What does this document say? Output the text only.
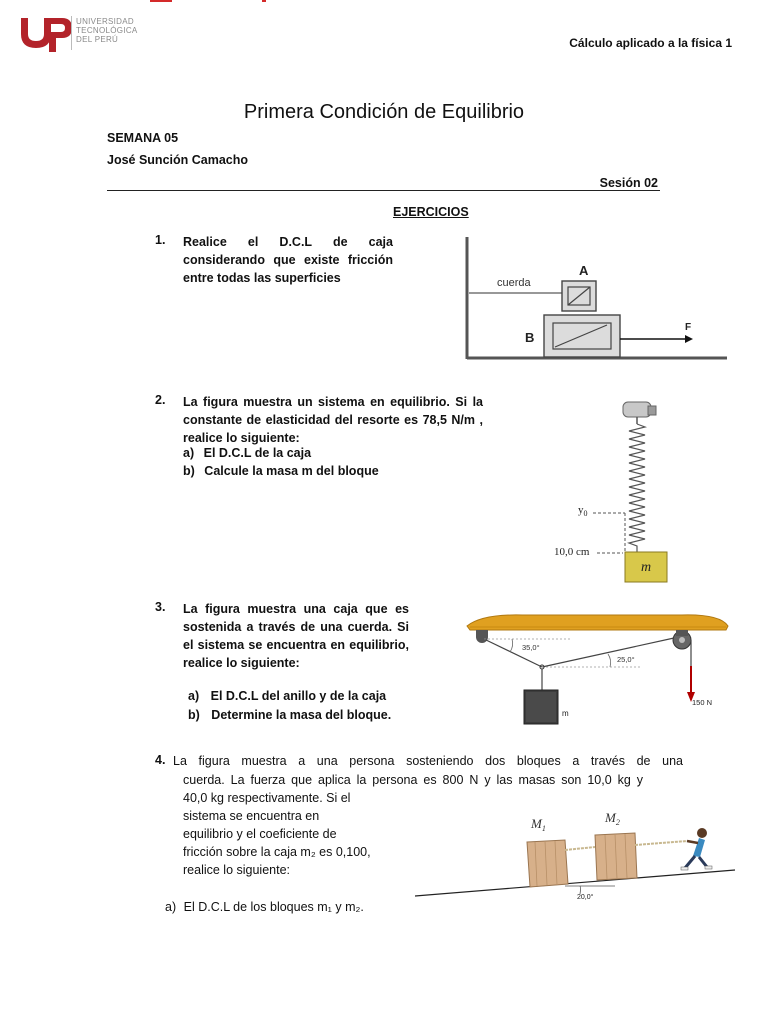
UNIVERSIDAD
TECNOLÓGICA
DEL PERÚ	Cálculo aplicado a la física 1
Primera Condición de Equilibrio
SEMANA 05
José Sunción Camacho
Sesión 02
EJERCICIOS
1. Realice el D.C.L de caja considerando que existe fricción entre todas las superficies	cuerda
A
B
F
2. La figura muestra un sistema en equilibrio. Si la constante de elasticidad del resorte es 78,5 N/m , realice lo siguiente:
a) El D.C.L de la caja
b) Calcule la masa m del bloque
$y_0$
10,0 cm
m
3. La figura muestra una caja que es sostenida a través de una cuerda. Si el sistema se encuentra en equilibrio, realice lo siguiente:
a) El D.C.L del anillo y de la caja
b) Determine la masa del bloque.
35,0°
25,0°
m
150 N
4. La figura muestra a una persona sosteniendo dos bloques a través de una
cuerda. La fuerza que aplica la persona es 800 N y las masas son 10,0 kg y
40,0 kg respectivamente. Si el
sistema se encuentra en
equilibrio y el coeficiente de
fricción sobre la caja m₂ es 0,100,
realice lo siguiente:
a) El D.C.L de los bloques m₁ y m₂.
20,0°
$M_1$
$M_2$
